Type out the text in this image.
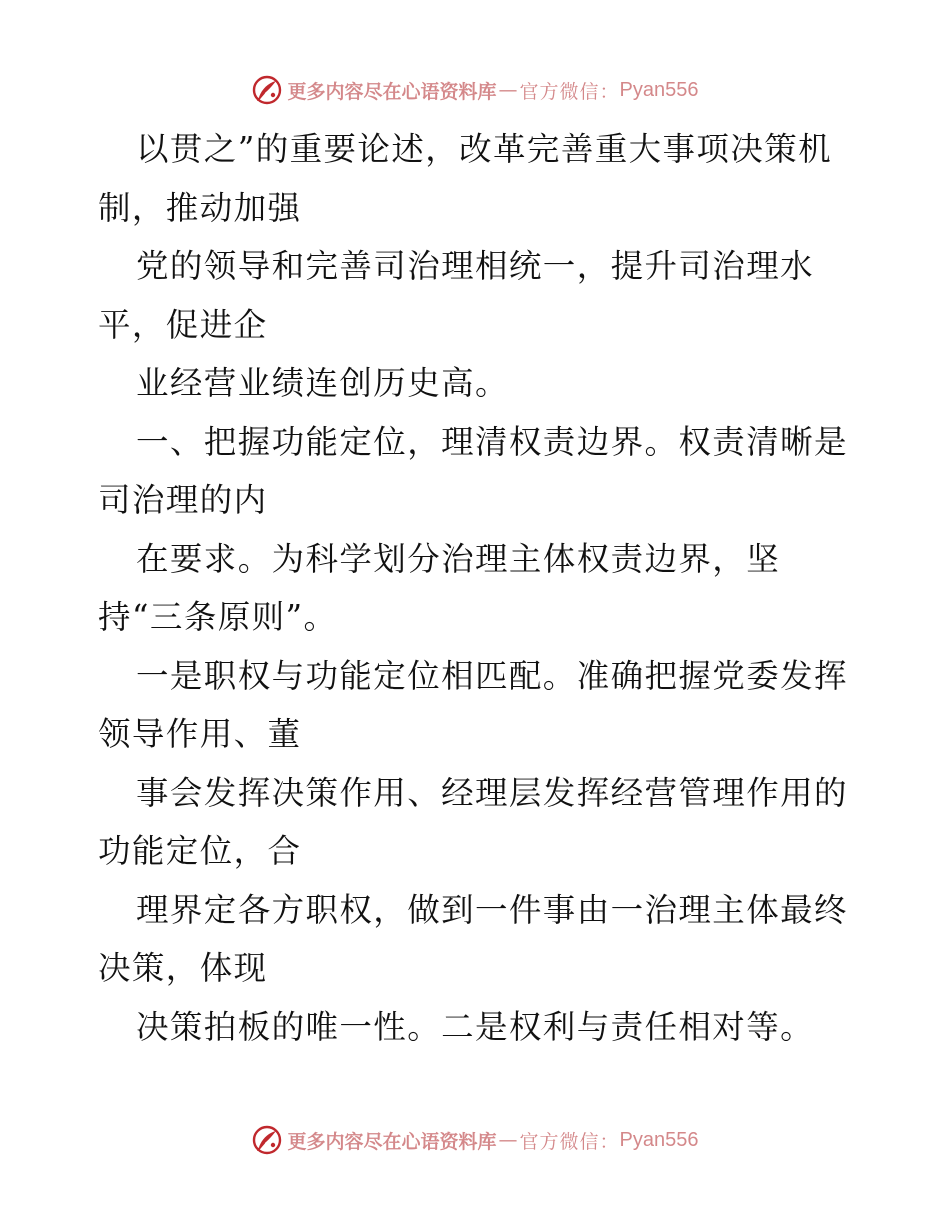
更多内容尽在心语资料库 — 官方微信： Pyan556

以贯之”的重要论述，改革完善重大事项决策机

制，推动加强

党的领导和完善司治理相统一，提升司治理水

平，促进企

业经营业绩连创历史高。

一、把握功能定位，理清权责边界。权责清晰是

司治理的内

在要求。为科学划分治理主体权责边界，坚

持“三条原则”。

一是职权与功能定位相匹配。准确把握党委发挥

领导作用、董

事会发挥决策作用、经理层发挥经营管理作用的

功能定位，合

理界定各方职权，做到一件事由一治理主体最终

决策，体现

决策拍板的唯一性。二是权利与责任相对等。

更多内容尽在心语资料库 — 官方微信： Pyan556
